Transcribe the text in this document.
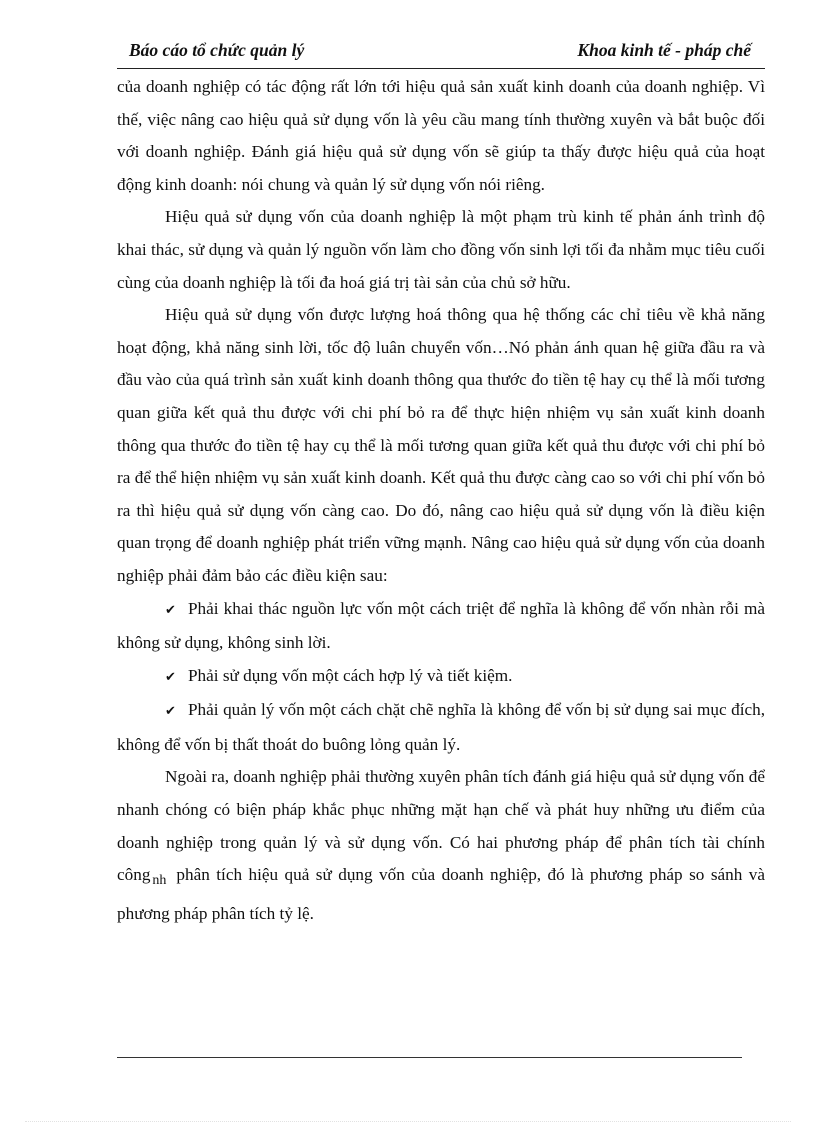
Báo cáo tổ chức quản lý	Khoa kinh tế - pháp chế

của doanh nghiệp có tác động rất lớn tới hiệu quả sản xuất kinh doanh của doanh nghiệp. Vì thế, việc nâng cao hiệu quả sử dụng vốn là yêu cầu mang tính thường xuyên và bắt buộc đối với doanh nghiệp. Đánh giá hiệu quả sử dụng vốn sẽ giúp ta thấy được hiệu quả của hoạt động kinh doanh: nói chung và quản lý sử dụng vốn nói riêng.

Hiệu quả sử dụng vốn của doanh nghiệp là một phạm trù kinh tế phản ánh trình độ khai thác, sử dụng và quản lý nguồn vốn làm cho đồng vốn sinh lợi tối đa nhằm mục tiêu cuối cùng của doanh nghiệp là tối đa hoá giá trị tài sản của chủ sở hữu.

Hiệu quả sử dụng vốn được lượng hoá thông qua hệ thống các chỉ tiêu về khả năng hoạt động, khả năng sinh lời, tốc độ luân chuyển vốn…Nó phản ánh quan hệ giữa đầu ra và đầu vào của quá trình sản xuất kinh doanh thông qua thước đo tiền tệ hay cụ thể là mối tương quan giữa kết quả thu được với chi phí bỏ ra để thực hiện nhiệm vụ sản xuất kinh doanh thông qua thước đo tiền tệ hay cụ thể là mối tương quan giữa kết quả thu được với chi phí bỏ ra để thể hiện nhiệm vụ sản xuất kinh doanh. Kết quả thu được càng cao so với chi phí vốn bỏ ra thì hiệu quả sử dụng vốn càng cao. Do đó, nâng cao hiệu quả sử dụng vốn là điều kiện quan trọng để doanh nghiệp phát triển vững mạnh. Nâng cao hiệu quả sử dụng vốn của doanh nghiệp phải đảm bảo các điều kiện sau:

✔ Phải khai thác nguồn lực vốn một cách triệt để nghĩa là không để vốn nhàn rỗi mà không sử dụng, không sinh lời.

✔ Phải sử dụng vốn một cách hợp lý và tiết kiệm.

✔ Phải quản lý vốn một cách chặt chẽ nghĩa là không để vốn bị sử dụng sai mục đích, không để vốn bị thất thoát do buông lỏng quản lý.

Ngoài ra, doanh nghiệp phải thường xuyên phân tích đánh giá hiệu quả sử dụng vốn để nhanh chóng có biện pháp khắc phục những mặt hạn chế và phát huy những ưu điểm của doanh nghiệp trong quản lý và sử dụng vốn. Có hai phương pháp để phân tích tài chính công $_{nh}$ phân tích hiệu quả sử dụng vốn của doanh nghiệp, đó là phương pháp so sánh và phương pháp phân tích tỷ lệ.
